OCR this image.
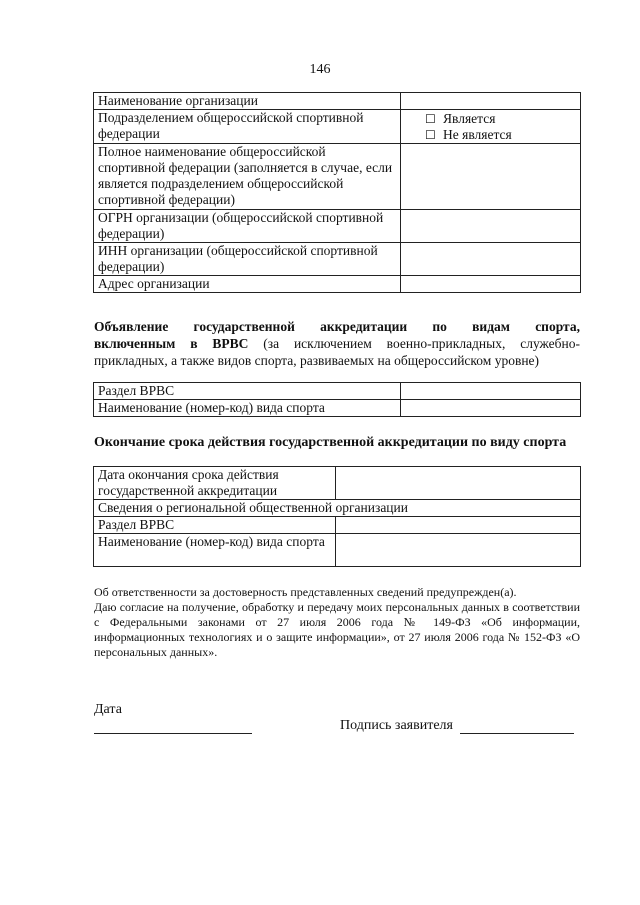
146
Наименование организации	
Подразделением общероссийской спортивной федерации	☐ Является
☐ Не является

Полное наименование общероссийской спортивной федерации (заполняется в случае, если является подразделением общероссийской спортивной федерации)	
ОГРН организации (общероссийской спортивной федерации)	
ИНН организации (общероссийской спортивной федерации)	
Адрес организации	
Объявление государственной аккредитации по видам спорта,
включенным в ВРВС (за исключением военно-прикладных, служебно-прикладных, а также видов спорта, развиваемых на общероссийском уровне)
Раздел ВРВС	
Наименование (номер-код) вида спорта	
Окончание срока действия государственной аккредитации по виду спорта
Дата окончания срока действия государственной аккредитации	
Сведения о региональной общественной организации	
Раздел ВРВС	
Наименование (номер-код) вида спорта	

Об ответственности за достоверность представленных сведений предупрежден(а).

Даю согласие на получение, обработку и передачу моих персональных данных в соответствии с Федеральными законами от 27 июля 2006 года № 149-ФЗ «Об информации, информационных технологиях и о защите информации», от 27 июля 2006 года № 152-ФЗ «О персональных данных».

Дата
Подпись заявителя
